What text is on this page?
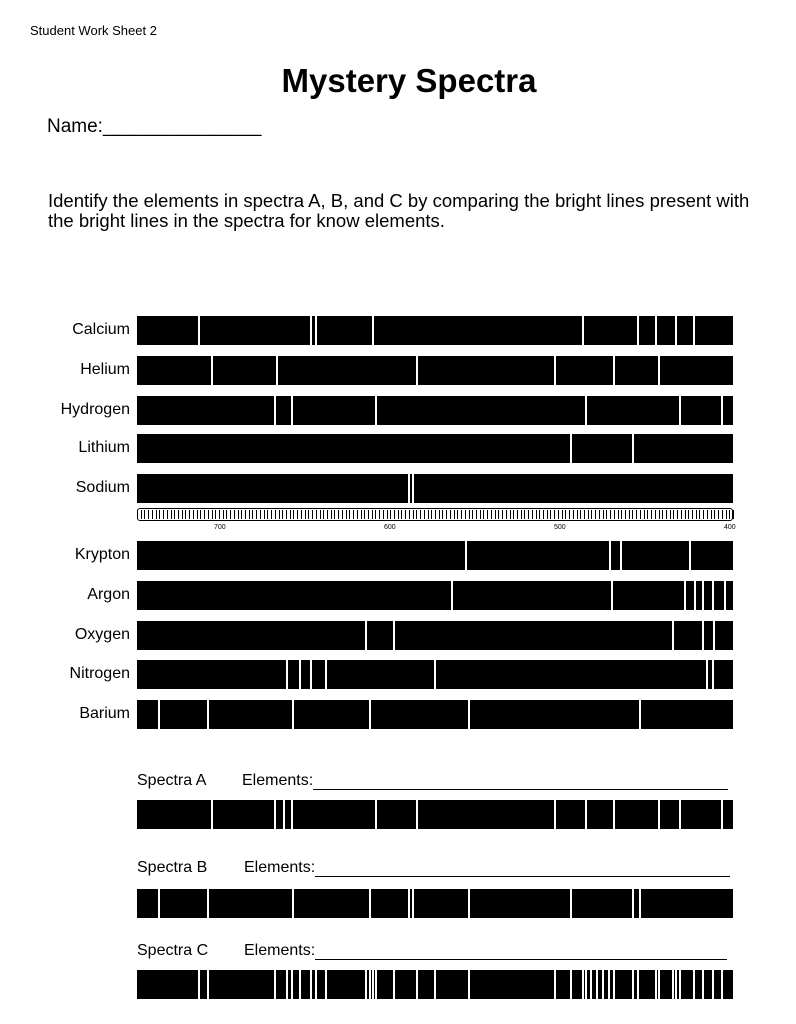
Student Work Sheet 2
Mystery Spectra
Name:_______________
Identify the elements in spectra A, B, and C by comparing the bright lines present with the bright lines in the spectra for know elements.
Calcium
Helium
Hydrogen
Lithium
Sodium
Krypton
Argon
Oxygen
Nitrogen
Barium
700	600	500	400
Spectra A Elements:
Spectra B Elements:
Spectra C Elements:
